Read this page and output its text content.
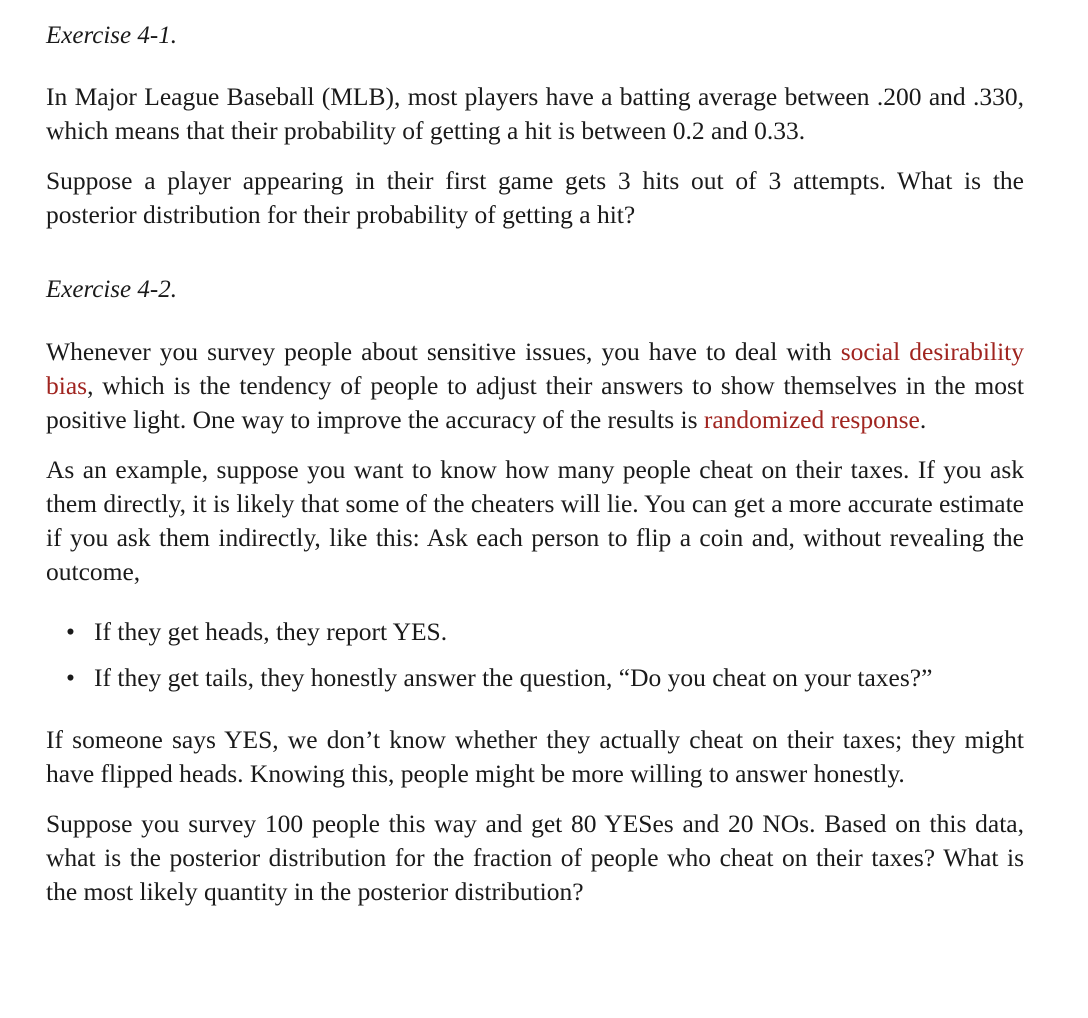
Exercise 4-1.

In Major League Baseball (MLB), most players have a batting average between .200 and .330, which means that their probability of getting a hit is between 0.2 and 0.33.

Suppose a player appearing in their first game gets 3 hits out of 3 attempts. What is the posterior distribution for their probability of getting a hit?

Exercise 4-2.

Whenever you survey people about sensitive issues, you have to deal with social desirability bias, which is the tendency of people to adjust their answers to show themselves in the most positive light. One way to improve the accuracy of the results is randomized response.

As an example, suppose you want to know how many people cheat on their taxes. If you ask them directly, it is likely that some of the cheaters will lie. You can get a more accurate estimate if you ask them indirectly, like this: Ask each person to flip a coin and, without revealing the outcome,

• If they get heads, they report YES.
• If they get tails, they honestly answer the question, “Do you cheat on your taxes?”

If someone says YES, we don’t know whether they actually cheat on their taxes; they might have flipped heads. Knowing this, people might be more willing to answer honestly.

Suppose you survey 100 people this way and get 80 YESes and 20 NOs. Based on this data, what is the posterior distribution for the fraction of people who cheat on their taxes? What is the most likely quantity in the posterior distribution?
